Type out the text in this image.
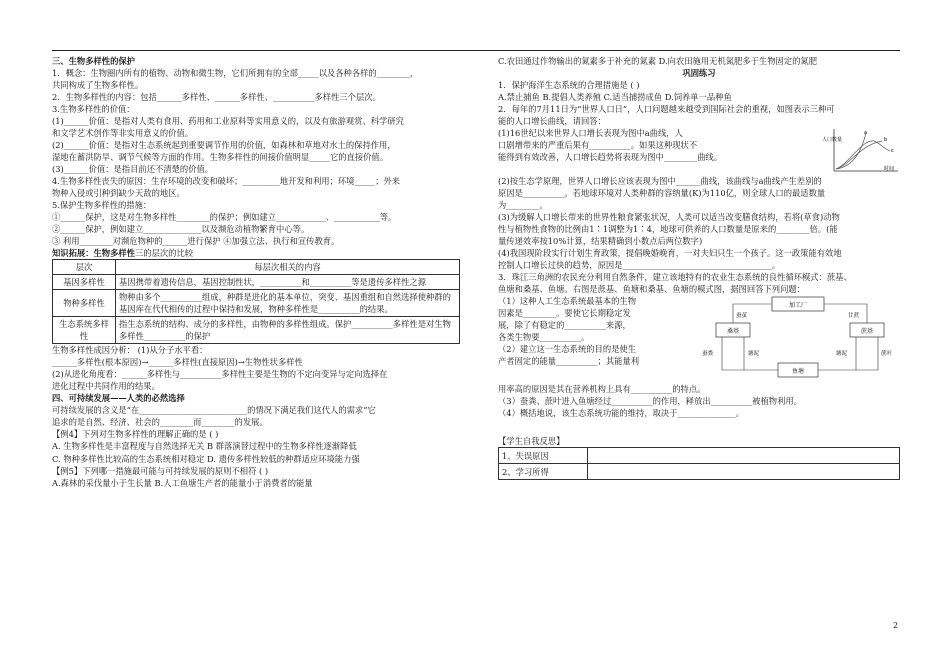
三、生物多样性的保护
1．概念：生物圈内所有的植物、动物和微生物，它们所拥有的全部_____以及各种各样的________，
共同构成了生物多样性。
2．生物多样性的内容：包括______多样性、______多样性、__________多样性三个层次。
3.生物多样性的价值：
(1)______价值：是指对人类有食用、药用和工业原料等实用意义的，以及有旅游观赏、科学研究
和文学艺术创作等非实用意义的价值。
(2)______价值：是指对生态系统起到重要调节作用的价值，如森林和草地对水土的保持作用，
湿地在蓄洪防旱、调节气候等方面的作用。生物多样性的间接价值明显_____它的直接价值。
(3)______价值：是指目前还不清楚的价值。
4.生物多样性丧失的原因：生存环境的改变和破坏；_________地开发和利用；环境_____；外来
物种入侵或引种到缺少天敌的地区。
5.保护生物多样性的措施：
①______保护，这是对生物多样性________的保护；例如建立____________、___________等。
②______保护，例如建立______________以及濒危动植物繁育中心等。
③ 利用________对濒危物种的______进行保护 ④加强立法、执行和宣传教育。
知识拓展：生物多样性三的层次的比较
层次	每层次相关的内容
基因多样性	基因携带着遗传信息，基因控制性状，__________和__________等是遗传多样性之源
物种多样性	物种由多个__________组成，种群是进化的基本单位，突变、基因重组和自然选择使种群的基因库在代代相传的过程中保持和发展，物种多样性是__________的结果。
生态系统多样性	指生态系统的结构、成分的多样性，由物种的多样性组成。保护__________多样性是对生物多样性__________的保护
生物多样性成因分析： (1)从分子水平看：
______多样性(根本原因)→______多样性(直接原因)→生物性状多样性
(2)从进化角度看：______多样性与__________多样性主要是生物的不定向变异与定向选择在
进化过程中共同作用的结果。
四、可持续发展——人类的必然选择
可持续发展的含义是“在__________________________的情况下满足我们这代人的需求”它
追求的是自然、经济、社会的________而________的发展。
【例4】下列对生物多样性的理解正确的是 ( )
A. 生物多样性是丰富程度与自然选择无关 B 群落演替过程中的生物多样性逐渐降低
C. 物种多样性比较高的生态系统相对稳定 D. 遗传多样性较低的种群适应环境能力强
【例5】下列哪一措施最可能与可持续发展的原则不相符 ( )
A.森林的采伐量小于生长量 B.人工鱼塘生产者的能量小于消费者的能量
C.农田通过作物输出的氮素多于补充的氮素 D.向农田施用无机氮肥多于生物固定的氮肥
巩固练习
1．保护海洋生态系统的合理措施是 ( )
A.禁止捕鱼 B.提倡人类养殖 C.适当捕捞成鱼 D.饲养单一品种鱼
2．每年的7月11日为“世界人口日”，人口问题越来越受到国际社会的重视，如图表示三种可
能的人口增长曲线，请回答：
(1)16世纪以来世界人口增长表现为图中a曲线，人
口剧增带来的严重后果有__________。如果这种现状不
能得到有效改善，人口增长趋势将表现为图中________曲线。
人口数量
时间
a
b
c
(2)按生态学原理，世界人口增长应该表现为图中______曲线，该曲线与a曲线产生差别的
原因是__________。若地球环境对人类种群的容纳量(K)为110亿，则全球人口的最适数量
为________。
(3)为缓解人口增长带来的世界性粮食紧张状况，人类可以适当改变膳食结构，若将(草食)动物
性与植物性食物的比例由1∶1调整为1∶4，地球可供养的人口数量是原来的________倍。(能
量传递效率按10%计算，结果精确到小数点后两位数字)
(4)我国现阶段实行计划生育政策，提倡晚婚晚育，一对夫妇只生一个孩子。这一政策能有效地
控制人口增长过快的趋势，原因是____________________________________。
3．珠江三角洲的农民充分利用自然条件，建立该地特有的农业生态系统的良性循环模式：蔗基、
鱼塘和桑基、鱼塘。右图是蔗基、鱼塘和桑基、鱼塘的模式图，据图回答下列问题：
（1）这种人工生态系统最基本的生物
因素是________。要使它长期稳定发
展，除了有稳定的__________来源，
各类生物要__________。
（2）建立这一生态系统的目的是使生
产者固定的能量__________；其能量利
加工厂
桑基	蔗基
鱼塘
蚕茧	甘蔗
蚕粪	塘泥	塘泥	蔗叶
用率高的原因是其在营养机构上具有__________的特点。
（3）蚕粪、蔗叶进入鱼塘经过__________的作用，释放出__________被植物利用。
（4）概括地说，该生态系统功能的维持，取决于______________。
【学生自我反思】
1、失误原因	
2、学习所得	
2
